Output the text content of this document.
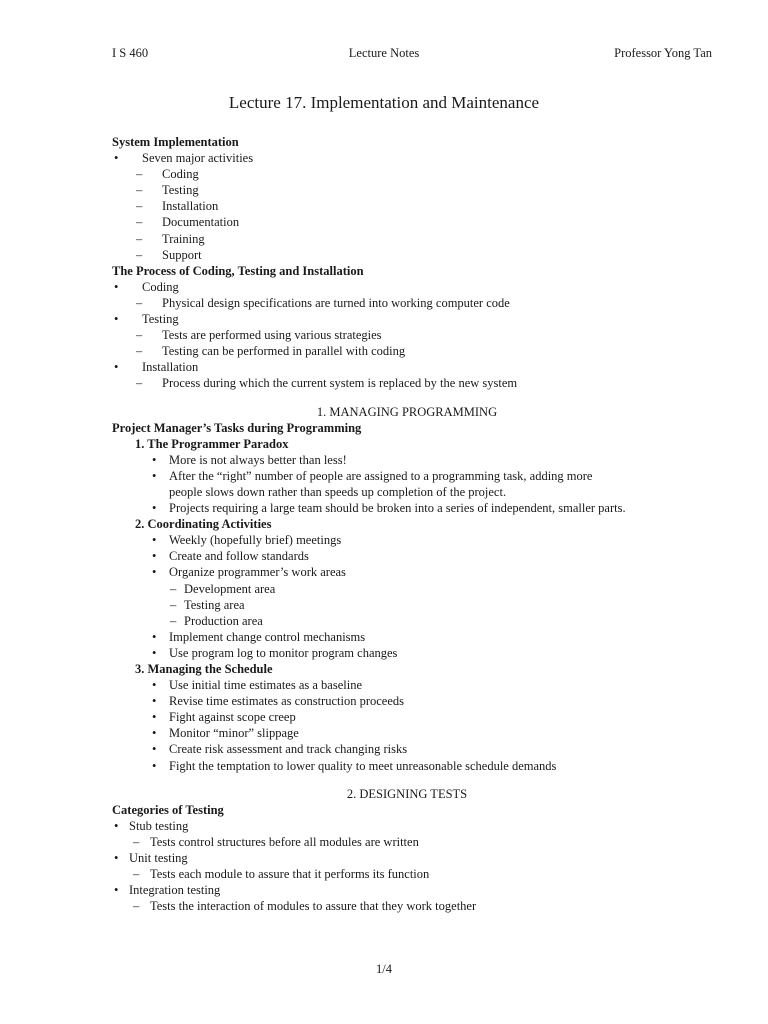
I S 460	Lecture Notes	Professor Yong Tan
Lecture 17. Implementation and Maintenance
System Implementation
• Seven major activities
– Coding
– Testing
– Installation
– Documentation
– Training
– Support
The Process of Coding, Testing and Installation
• Coding
– Physical design specifications are turned into working computer code
• Testing
– Tests are performed using various strategies
– Testing can be performed in parallel with coding
• Installation
– Process during which the current system is replaced by the new system
1. MANAGING PROGRAMMING
Project Manager’s Tasks during Programming
1. The Programmer Paradox
• More is not always better than less!
• After the “right” number of people are assigned to a programming task, adding more
people slows down rather than speeds up completion of the project.
• Projects requiring a large team should be broken into a series of independent, smaller parts.
2. Coordinating Activities
• Weekly (hopefully brief) meetings
• Create and follow standards
• Organize programmer’s work areas
– Development area
– Testing area
– Production area
• Implement change control mechanisms
• Use program log to monitor program changes
3. Managing the Schedule
• Use initial time estimates as a baseline
• Revise time estimates as construction proceeds
• Fight against scope creep
• Monitor “minor” slippage
• Create risk assessment and track changing risks
• Fight the temptation to lower quality to meet unreasonable schedule demands
2. DESIGNING TESTS
Categories of Testing
• Stub testing
– Tests control structures before all modules are written
• Unit testing
– Tests each module to assure that it performs its function
• Integration testing
– Tests the interaction of modules to assure that they work together
1/4
